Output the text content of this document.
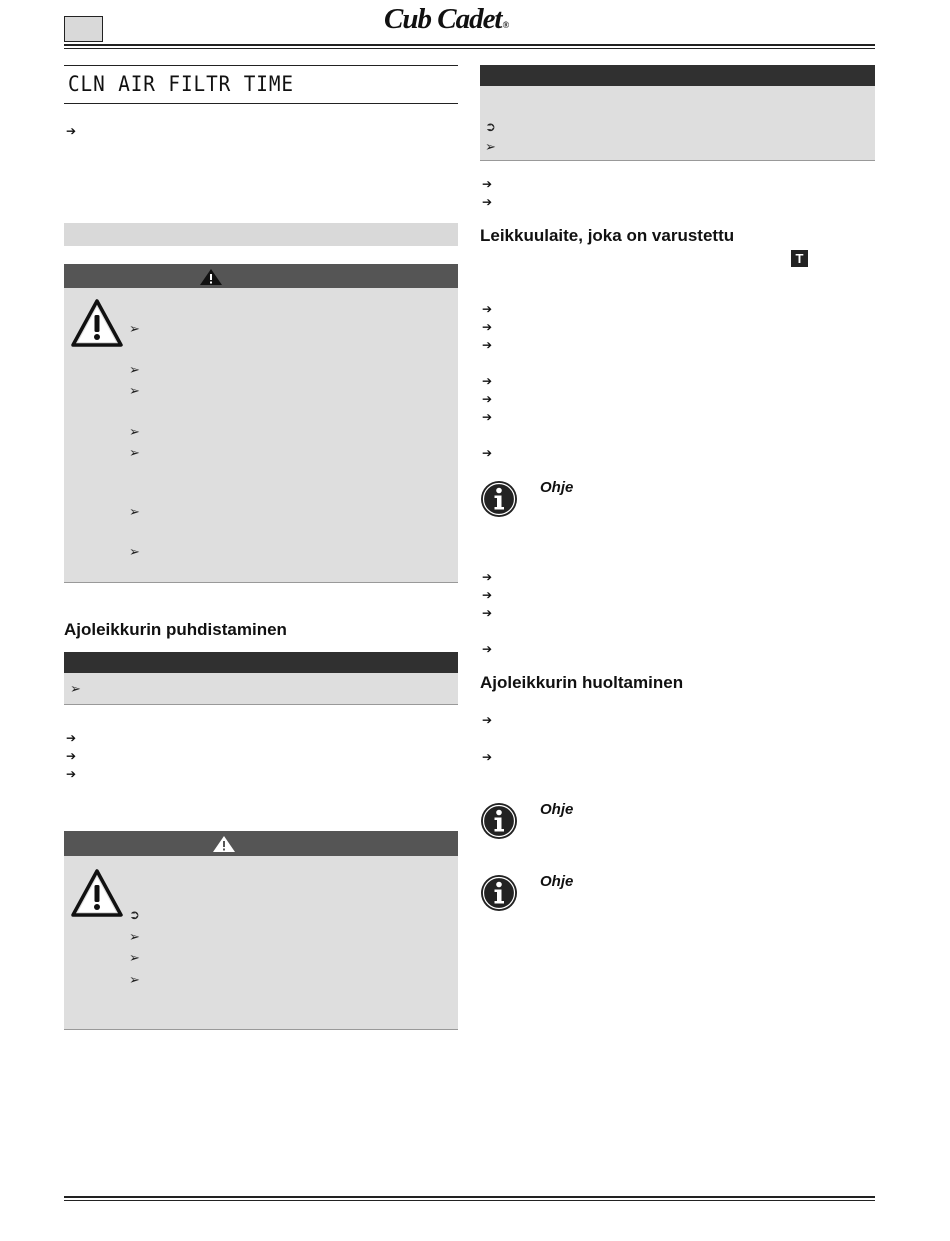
Cub Cadet®
CLN AIR FILTR TIME
➔
➢
➢
➢
➢
➢
➢
➢
Ajoleikkurin puhdistaminen
➢
➔
➔
➔
➲
➢
➢
➢
➲
➢
➔
➔
Leikkuulaite, joka on varustettu
T
➔
➔
➔
➔
➔
➔
➔
Ohje
➔
➔
➔
➔
Ajoleikkurin huoltaminen
➔
➔
Ohje
Ohje
